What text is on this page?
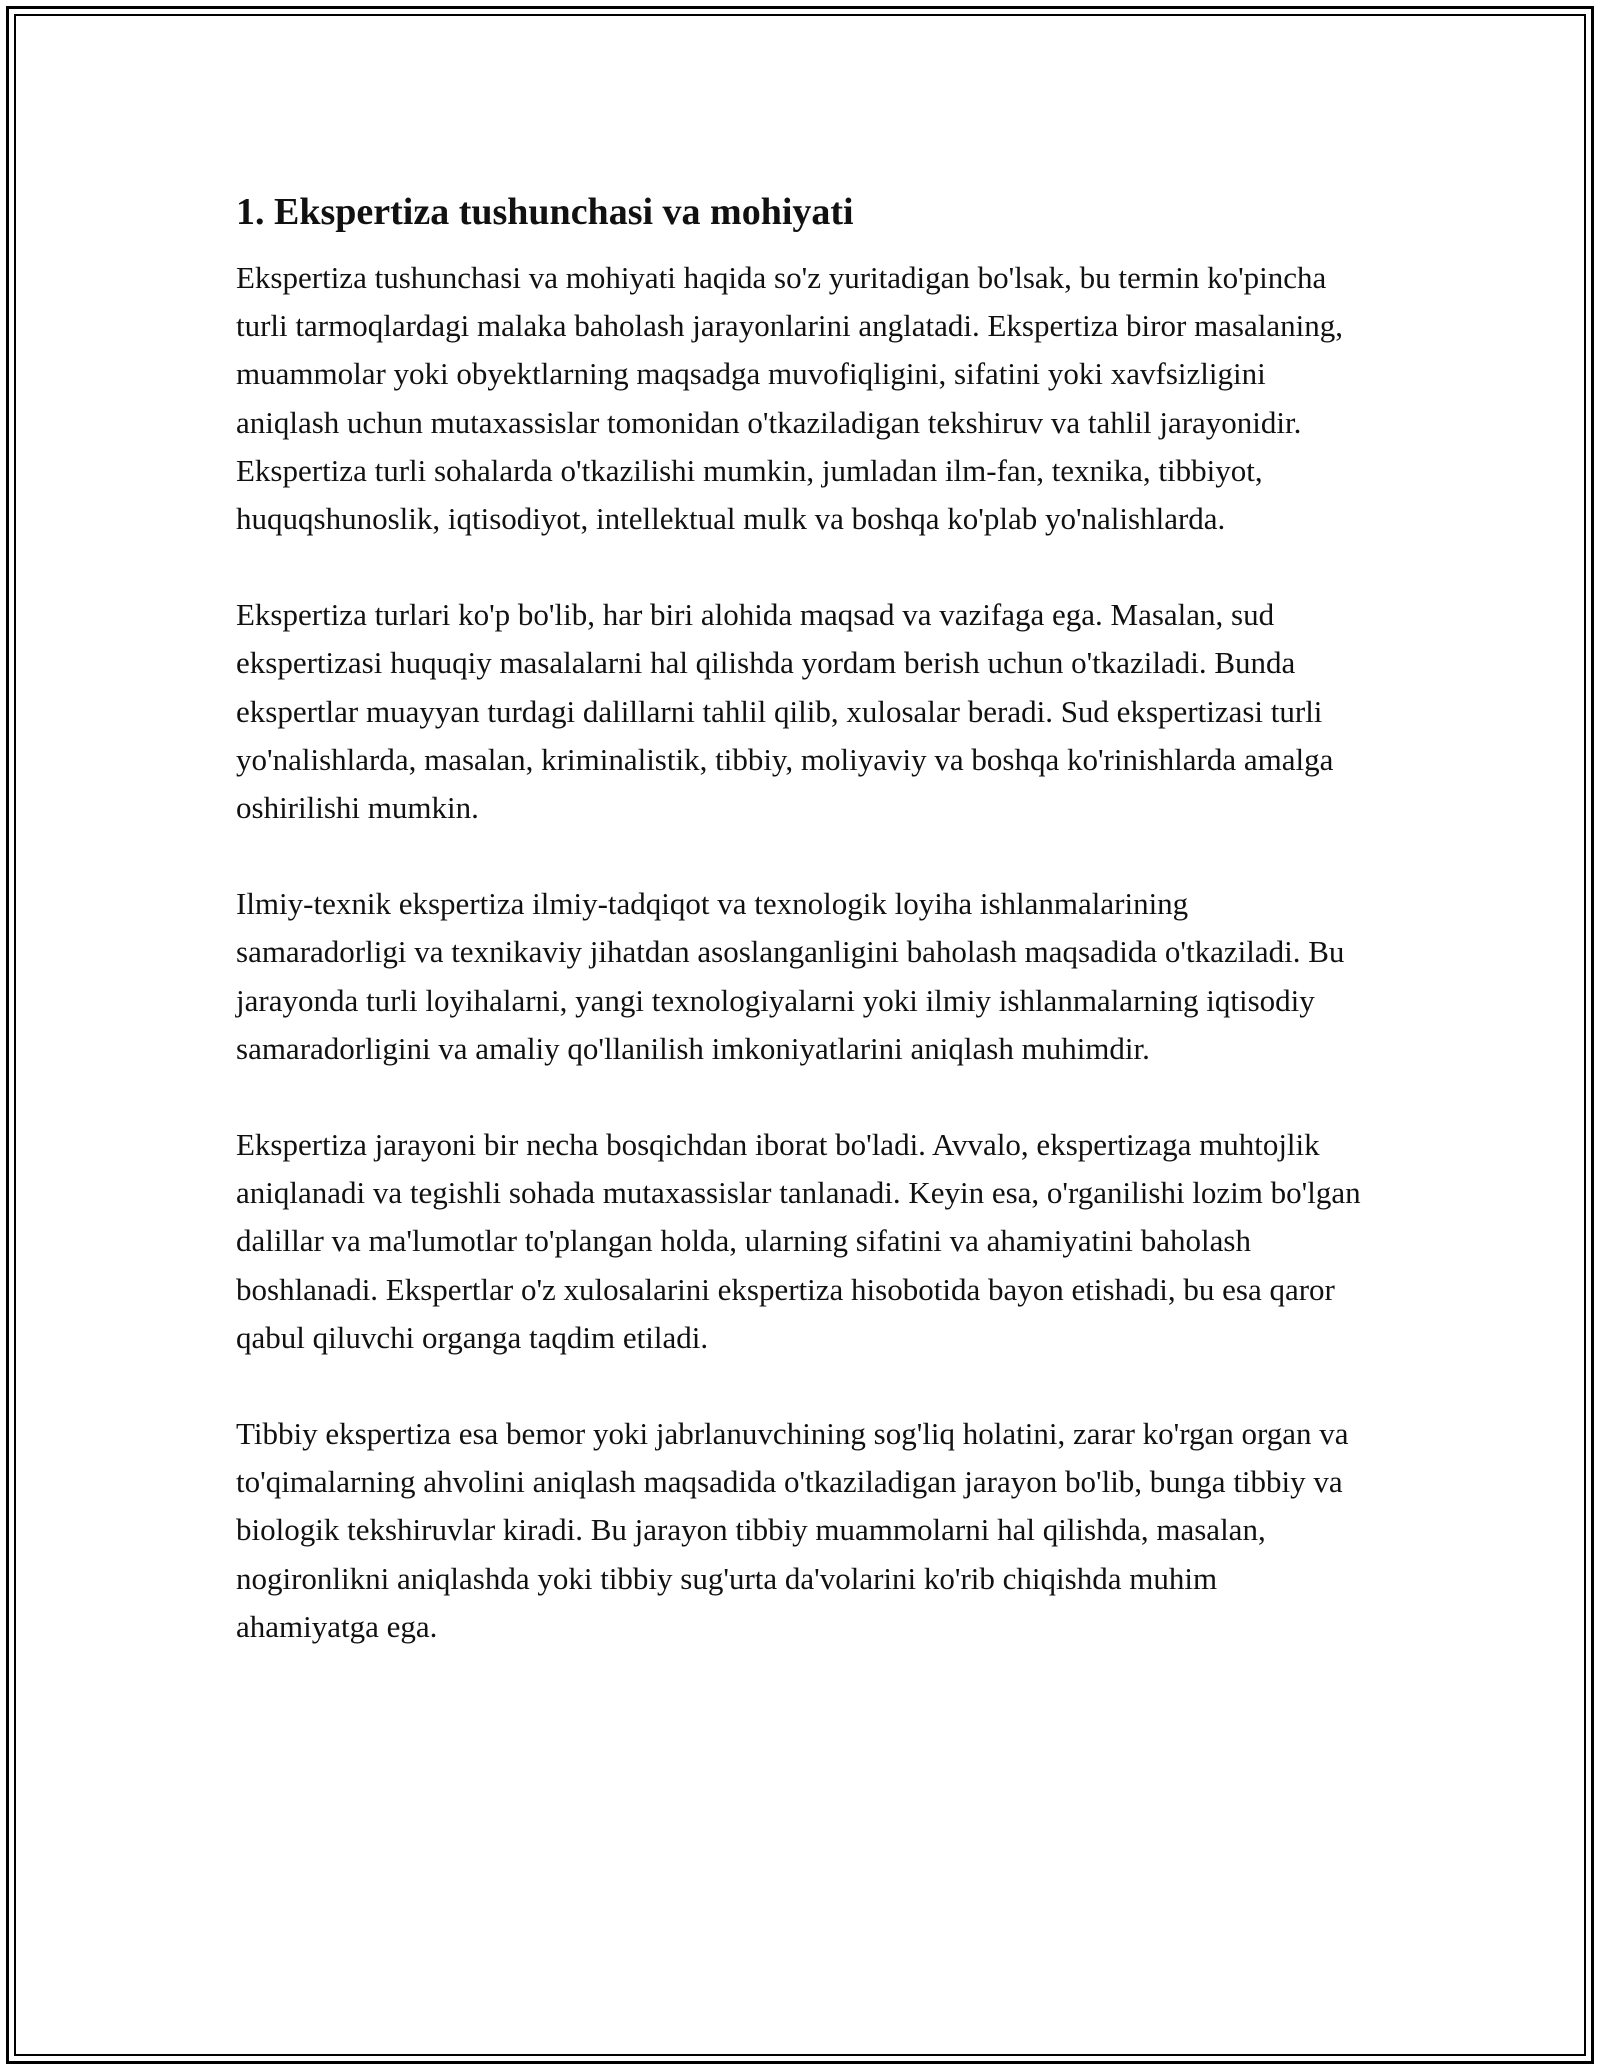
1. Ekspertiza tushunchasi va mohiyati

Ekspertiza tushunchasi va mohiyati haqida so'z yuritadigan bo'lsak, bu termin ko'pincha turli tarmoqlardagi malaka baholash jarayonlarini anglatadi. Ekspertiza biror masalaning, muammolar yoki obyektlarning maqsadga muvofiqligini, sifatini yoki xavfsizligini aniqlash uchun mutaxassislar tomonidan o'tkaziladigan tekshiruv va tahlil jarayonidir. Ekspertiza turli sohalarda o'tkazilishi mumkin, jumladan ilm-fan, texnika, tibbiyot, huquqshunoslik, iqtisodiyot, intellektual mulk va boshqa ko'plab yo'nalishlarda.

Ekspertiza turlari ko'p bo'lib, har biri alohida maqsad va vazifaga ega. Masalan, sud ekspertizasi huquqiy masalalarni hal qilishda yordam berish uchun o'tkaziladi. Bunda ekspertlar muayyan turdagi dalillarni tahlil qilib, xulosalar beradi. Sud ekspertizasi turli yo'nalishlarda, masalan, kriminalistik, tibbiy, moliyaviy va boshqa ko'rinishlarda amalga oshirilishi mumkin.

Ilmiy-texnik ekspertiza ilmiy-tadqiqot va texnologik loyiha ishlanmalarining samaradorligi va texnikaviy jihatdan asoslanganligini baholash maqsadida o'tkaziladi. Bu jarayonda turli loyihalarni, yangi texnologiyalarni yoki ilmiy ishlanmalarning iqtisodiy samaradorligini va amaliy qo'llanilish imkoniyatlarini aniqlash muhimdir.

Ekspertiza jarayoni bir necha bosqichdan iborat bo'ladi. Avvalo, ekspertizaga muhtojlik aniqlanadi va tegishli sohada mutaxassislar tanlanadi. Keyin esa, o'rganilishi lozim bo'lgan dalillar va ma'lumotlar to'plangan holda, ularning sifatini va ahamiyatini baholash boshlanadi. Ekspertlar o'z xulosalarini ekspertiza hisobotida bayon etishadi, bu esa qaror qabul qiluvchi organga taqdim etiladi.

Tibbiy ekspertiza esa bemor yoki jabrlanuvchining sog'liq holatini, zarar ko'rgan organ va to'qimalarning ahvolini aniqlash maqsadida o'tkaziladigan jarayon bo'lib, bunga tibbiy va biologik tekshiruvlar kiradi. Bu jarayon tibbiy muammolarni hal qilishda, masalan, nogironlikni aniqlashda yoki tibbiy sug'urta da'volarini ko'rib chiqishda muhim ahamiyatga ega.
